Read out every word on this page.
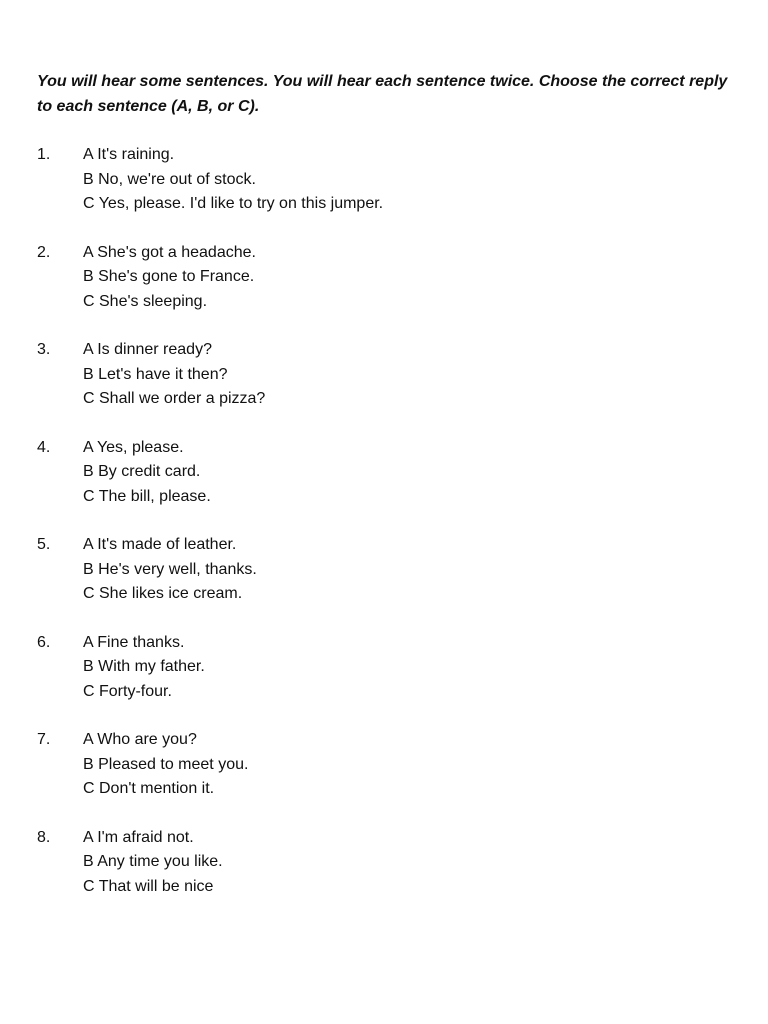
You will hear some sentences. You will hear each sentence twice. Choose the correct reply to each sentence (A, B, or C).

1.	A It's raining.
B No, we're out of stock.
C Yes, please. I'd like to try on this jumper.
2.	A She's got a headache.
B She's gone to France.
C She's sleeping.
3.	A Is dinner ready?
B Let's have it then?
C Shall we order a pizza?
4.	A Yes, please.
B By credit card.
C The bill, please.
5.	A It's made of leather.
B He's very well, thanks.
C She likes ice cream.
6.	A Fine thanks.
B With my father.
C Forty-four.
7.	A Who are you?
B Pleased to meet you.
C Don't mention it.
8.	A I'm afraid not.
B Any time you like.
C That will be nice
